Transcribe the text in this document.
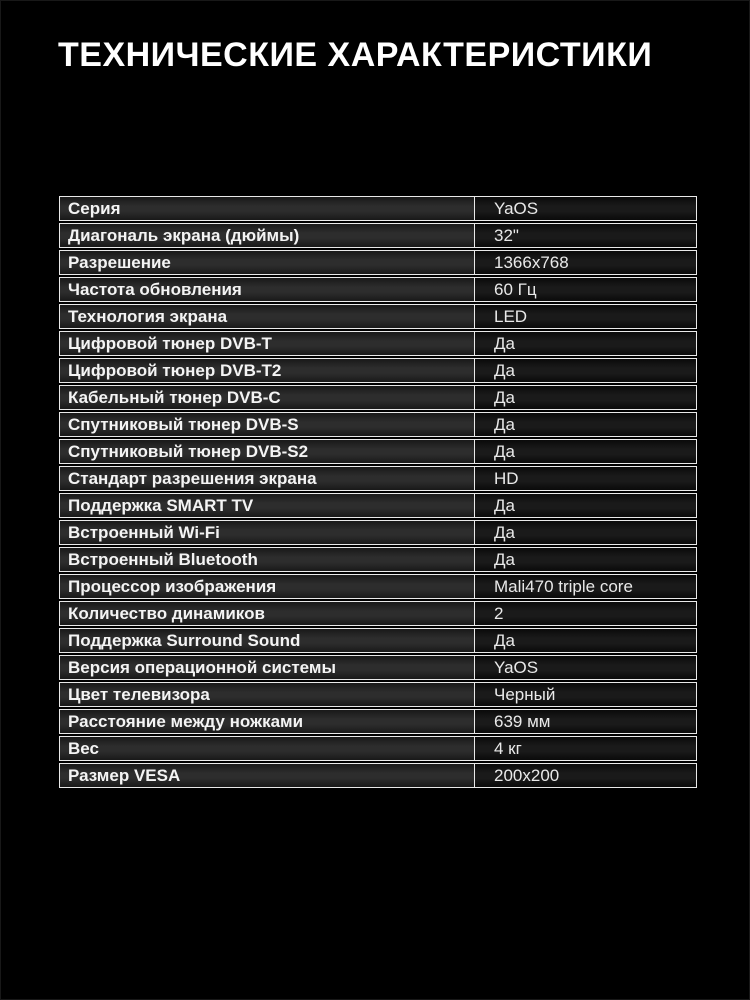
ТЕХНИЧЕСКИЕ ХАРАКТЕРИСТИКИ
Серия	YaOS
Диагональ экрана (дюймы)	32"
Разрешение	1366x768
Частота обновления	60 Гц
Технология экрана	LED
Цифровой тюнер DVB-T	Да
Цифровой тюнер DVB-T2	Да
Кабельный тюнер DVB-C	Да
Спутниковый тюнер DVB-S	Да
Спутниковый тюнер DVB-S2	Да
Стандарт разрешения экрана	HD
Поддержка SMART TV	Да
Встроенный Wi-Fi	Да
Встроенный Bluetooth	Да
Процессор изображения	Mali470 triple core
Количество динамиков	2
Поддержка Surround Sound	Да
Версия операционной системы	YaOS
Цвет телевизора	Черный
Расстояние между ножками	639 мм
Вес	4 кг
Размер VESA	200x200
